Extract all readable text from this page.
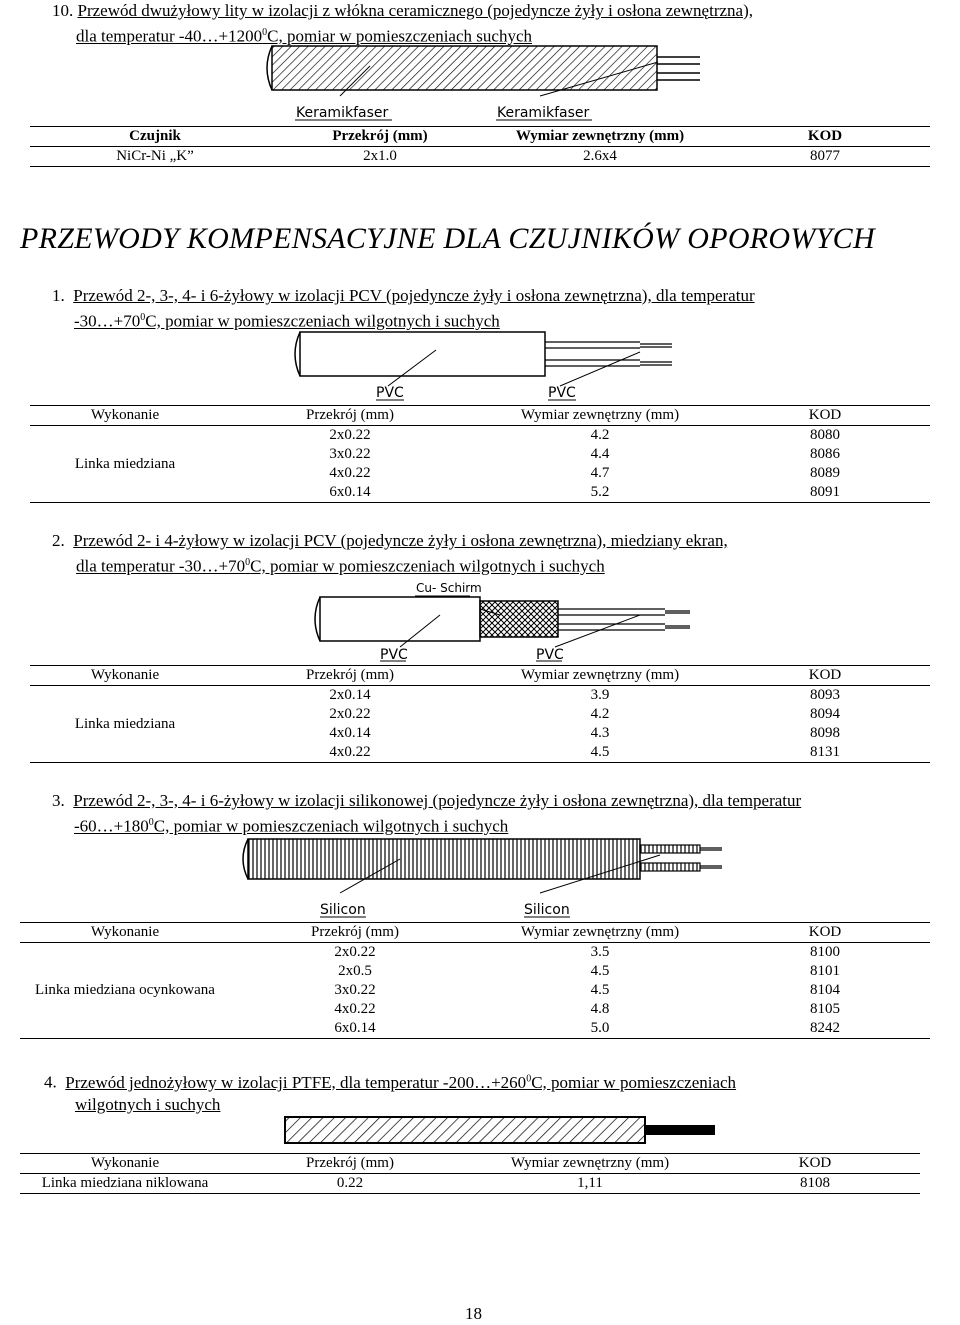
10. Przewód dwużyłowy lity w izolacji z włókna ceramicznego (pojedyncze żyły i osłona zewnętrzna),
dla temperatur $-40\dots+1200^0C$, pomiar w pomieszczeniach suchych
Keramikfaser	Keramikfaser
Czujnik	Przekrój (mm)	Wymiar zewnętrzny (mm)	KOD
NiCr-Ni „K”	2x1.0	2.6x4	8077
PRZEWODY KOMPENSACYJNE DLA CZUJNIKÓW OPOROWYCH
1. Przewód 2-, 3-, 4- i 6-żyłowy w izolacji PCV (pojedyncze żyły i osłona zewnętrzna), dla temperatur
$-30\dots+70^0C$, pomiar w pomieszczeniach wilgotnych i suchych
PVC	PVC
Wykonanie	Przekrój (mm)	Wymiar zewnętrzny (mm)	KOD
Linka miedziana	2x0.22	4.2	8080
	3x0.22	4.4	8086
	4x0.22	4.7	8089
	6x0.14	5.2	8091
2. Przewód 2- i 4-żyłowy w izolacji PCV (pojedyncze żyły i osłona zewnętrzna), miedziany ekran,
dla temperatur $-30\dots+70^0C$, pomiar w pomieszczeniach wilgotnych i suchych
Cu- Schirm
PVC	PVC
Wykonanie	Przekrój (mm)	Wymiar zewnętrzny (mm)	KOD
Linka miedziana	2x0.14	3.9	8093
	2x0.22	4.2	8094
	4x0.14	4.3	8098
	4x0.22	4.5	8131
3. Przewód 2-, 3-, 4- i 6-żyłowy w izolacji silikonowej (pojedyncze żyły i osłona zewnętrzna), dla temperatur
$-60\dots+180^0C$, pomiar w pomieszczeniach wilgotnych i suchych
Silicon	Silicon
Wykonanie	Przekrój (mm)	Wymiar zewnętrzny (mm)	KOD
Linka miedziana ocynkowana	2x0.22	3.5	8100
	2x0.5	4.5	8101
	3x0.22	4.5	8104
	4x0.22	4.8	8105
	6x0.14	5.0	8242
4. Przewód jednożyłowy w izolacji PTFE, dla temperatur $-200\dots+260^0C$, pomiar w pomieszczeniach
wilgotnych i suchych
Wykonanie	Przekrój (mm)	Wymiar zewnętrzny (mm)	KOD
Linka miedziana niklowana	0.22	1,11	8108
18
